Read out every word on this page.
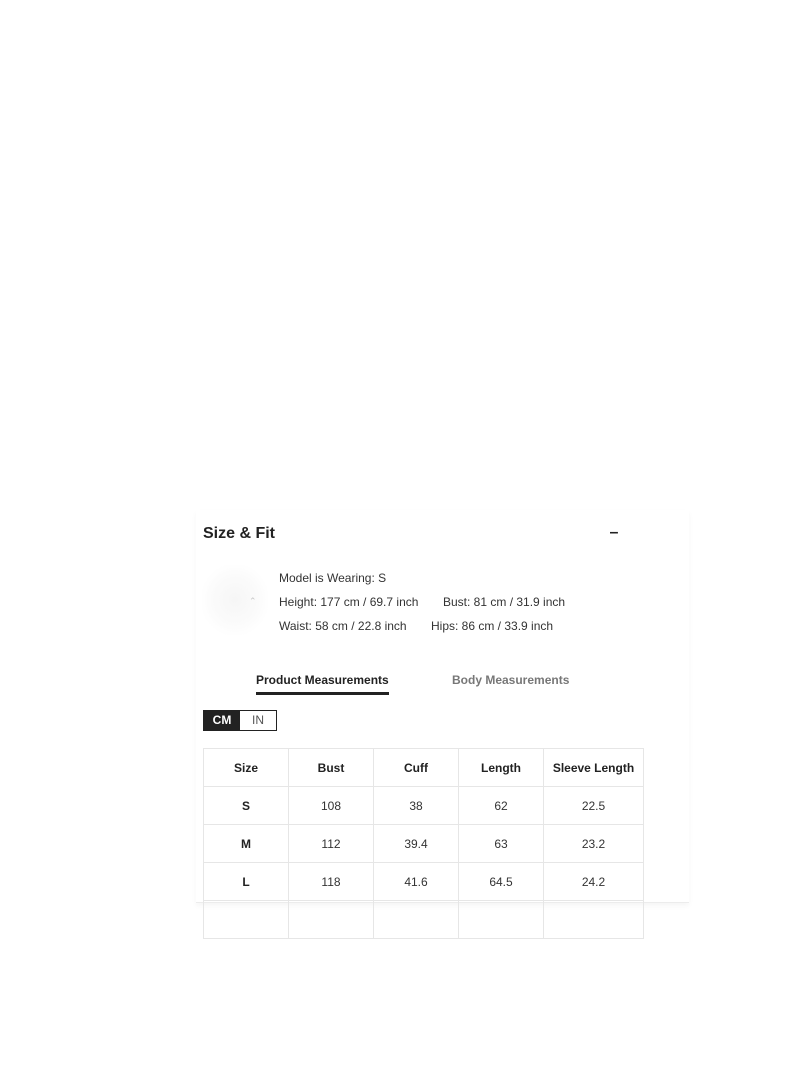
Size & Fit	–
⌃
Model is Wearing: S
Height: 177 cm / 69.7 inch Bust: 81 cm / 31.9 inch
Waist: 58 cm / 22.8 inch Hips: 86 cm / 33.9 inch
Product Measurements	Body Measurements
CM	IN
Size	Bust	Cuff	Length	Sleeve Length
S	108	38	62	22.5
M	112	39.4	63	23.2
L	118	41.6	64.5	24.2
